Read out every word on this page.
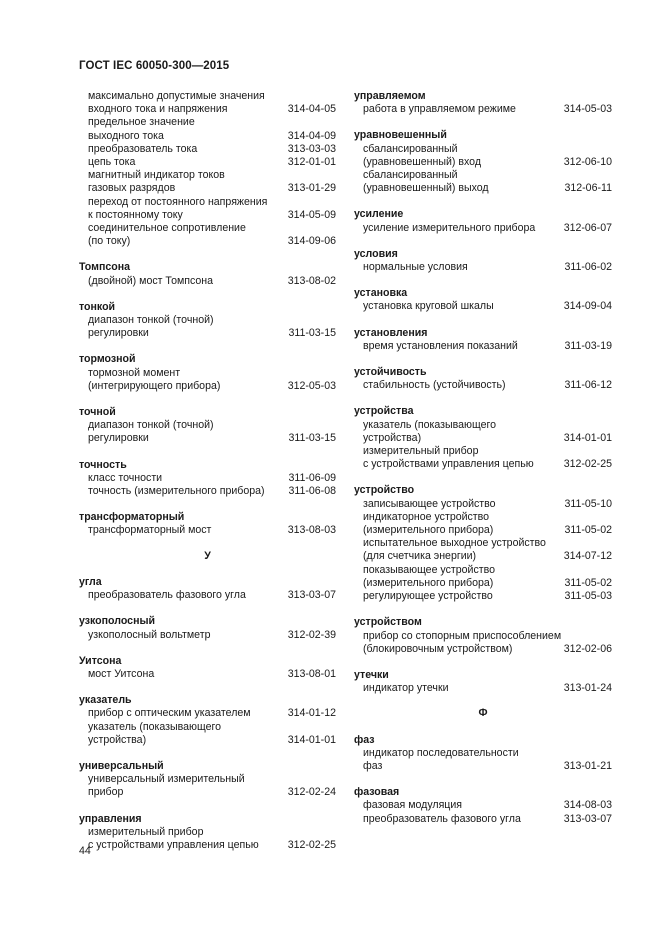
ГОСТ IEC 60050-300—2015
максимально допустимые значения
входного тока и напряжения	314-04-05
предельное значение
выходного тока	314-04-09
преобразователь тока	313-03-03
цепь тока	312-01-01
магнитный индикатор токов
газовых разрядов	313-01-29
переход от постоянного напряжения
к постоянному току	314-05-09
соединительное сопротивление
(по току)	314-09-06
Томпсона
(двойной) мост Томпсона	313-08-02
тонкой
диапазон тонкой (точной)
регулировки	311-03-15
тормозной
тормозной момент
(интегрирующего прибора)	312-05-03
точной
диапазон тонкой (точной)
регулировки	311-03-15
точность
класс точности	311-06-09
точность (измерительного прибора)	311-06-08
трансформаторный
трансформаторный мост	313-08-03
У
угла
преобразователь фазового угла	313-03-07
узкополосный
узкополосный вольтметр	312-02-39
Уитсона
мост Уитсона	313-08-01
указатель
прибор с оптическим указателем	314-01-12
указатель (показывающего
устройства)	314-01-01
универсальный
универсальный измерительный
прибор	312-02-24
управления
измерительный прибор
с устройствами управления цепью	312-02-25
управляемом
работа в управляемом режиме	314-05-03
уравновешенный
сбалансированный
(уравновешенный) вход	312-06-10
сбалансированный
(уравновешенный) выход	312-06-11
усиление
усиление измерительного прибора	312-06-07
условия
нормальные условия	311-06-02
установка
установка круговой шкалы	314-09-04
установления
время установления показаний	311-03-19
устойчивость
стабильность (устойчивость)	311-06-12
устройства
указатель (показывающего
устройства)	314-01-01
измерительный прибор
с устройствами управления цепью	312-02-25
устройство
записывающее устройство	311-05-10
индикаторное устройство
(измерительного прибора)	311-05-02
испытательное выходное устройство
(для счетчика энергии)	314-07-12
показывающее устройство
(измерительного прибора)	311-05-02
регулирующее устройство	311-05-03
устройством
прибор со стопорным приспособлением
(блокировочным устройством)	312-02-06
утечки
индикатор утечки	313-01-24
Ф
фаз
индикатор последовательности
фаз	313-01-21
фазовая
фазовая модуляция	314-08-03
преобразователь фазового угла	313-03-07
44
